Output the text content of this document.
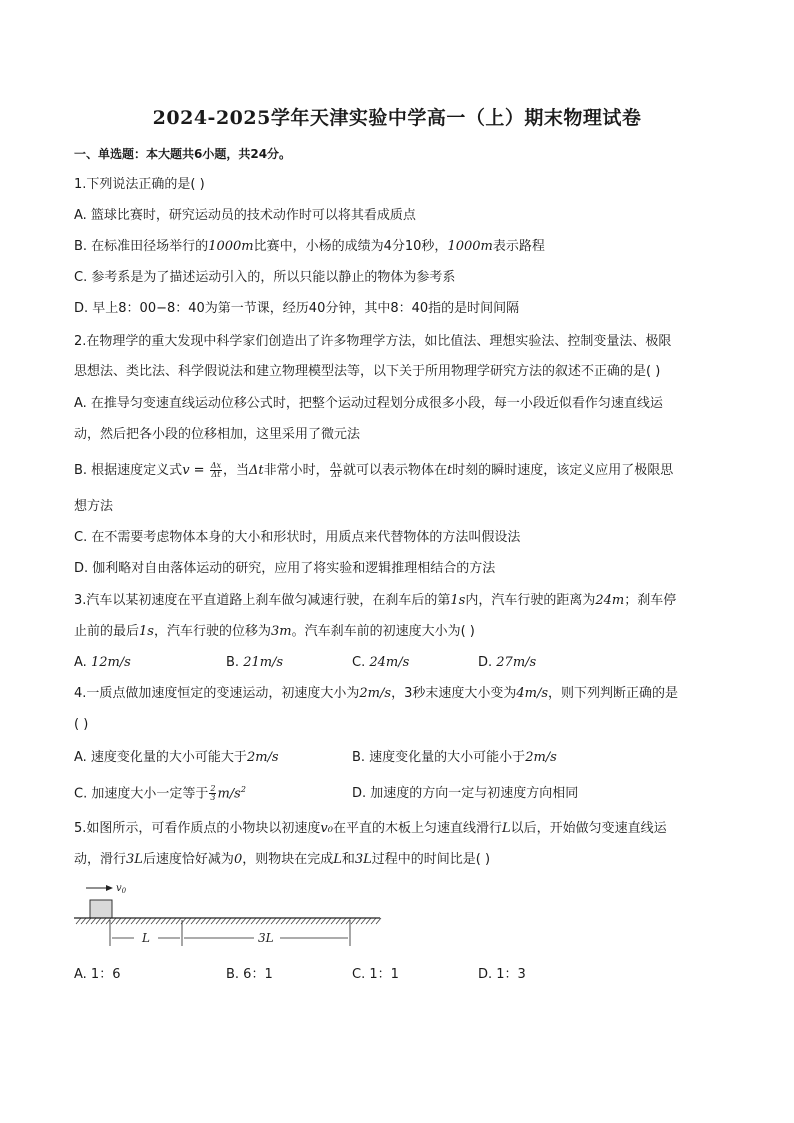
2024-2025学年天津实验中学高一（上）期末物理试卷
一、单选题：本大题共6小题，共24分。
1.下列说法正确的是( )
A. 篮球比赛时，研究运动员的技术动作时可以将其看成质点
B. 在标准田径场举行的1000m比赛中，小杨的成绩为4分10秒，1000m表示路程
C. 参考系是为了描述运动引入的，所以只能以静止的物体为参考系
D. 早上8：00−8：40为第一节课，经历40分钟，其中8：40指的是时间间隔
2.在物理学的重大发现中科学家们创造出了许多物理学方法，如比值法、理想实验法、控制变量法、极限
思想法、类比法、科学假说法和建立物理模型法等，以下关于所用物理学研究方法的叙述不正确的是( )
A. 在推导匀变速直线运动位移公式时，把整个运动过程划分成很多小段，每一小段近似看作匀速直线运
动，然后把各小段的位移相加，这里采用了微元法
B. 根据速度定义式$v = \frac{\Delta x}{\Delta t}$ ，当Δt非常小时， $\frac{\Delta x}{\Delta t}$ 就可以表示物体在t时刻的瞬时速度，该定义应用了极限思
想方法
C. 在不需要考虑物体本身的大小和形状时，用质点来代替物体的方法叫假设法
D. 伽利略对自由落体运动的研究，应用了将实验和逻辑推理相结合的方法
3.汽车以某初速度在平直道路上刹车做匀减速行驶，在刹车后的第1s内，汽车行驶的距离为24m；刹车停
止前的最后1s，汽车行驶的位移为3m。汽车刹车前的初速度大小为( )
A. 12m/s	B. 21m/s	C. 24m/s	D. 27m/s
4.一质点做加速度恒定的变速运动，初速度大小为2m/s，3秒末速度大小变为4m/s，则下列判断正确的是
( )
A. 速度变化量的大小可能大于2m/s	B. 速度变化量的大小可能小于2m/s
C. 加速度大小一定等于 $\frac{2}{3} m/s^2$	D. 加速度的方向一定与初速度方向相同
5.如图所示，可看作质点的小物块以初速度v₀在平直的木板上匀速直线滑行L以后，开始做匀变速直线运
动，滑行3L后速度恰好减为0，则物块在完成L和3L过程中的时间比是( )
$v_0$
L	3L
A. 1：6	B. 6：1	C. 1：1	D. 1：3
